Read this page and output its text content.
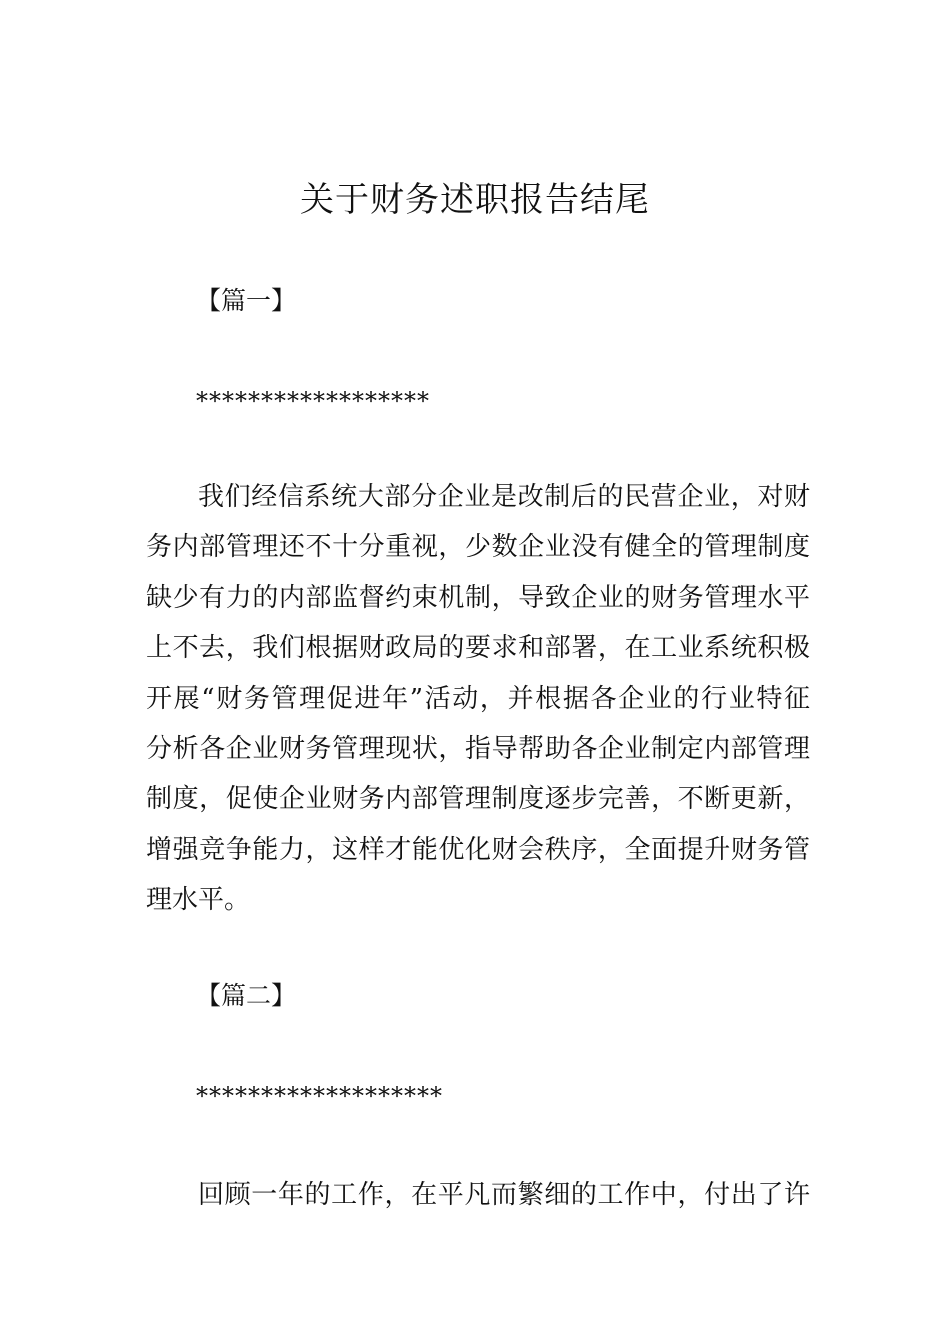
关于财务述职报告结尾
【篇一】
******************
我们经信系统大部分企业是改制后的民营企业，对财
务内部管理还不十分重视，少数企业没有健全的管理制度
缺少有力的内部监督约束机制，导致企业的财务管理水平
上不去，我们根据财政局的要求和部署，在工业系统积极
开展“财务管理促进年”活动，并根据各企业的行业特征
分析各企业财务管理现状，指导帮助各企业制定内部管理
制度，促使企业财务内部管理制度逐步完善，不断更新，
增强竞争能力，这样才能优化财会秩序，全面提升财务管
理水平。
【篇二】
*******************
回顾一年的工作，在平凡而繁细的工作中，付出了许
